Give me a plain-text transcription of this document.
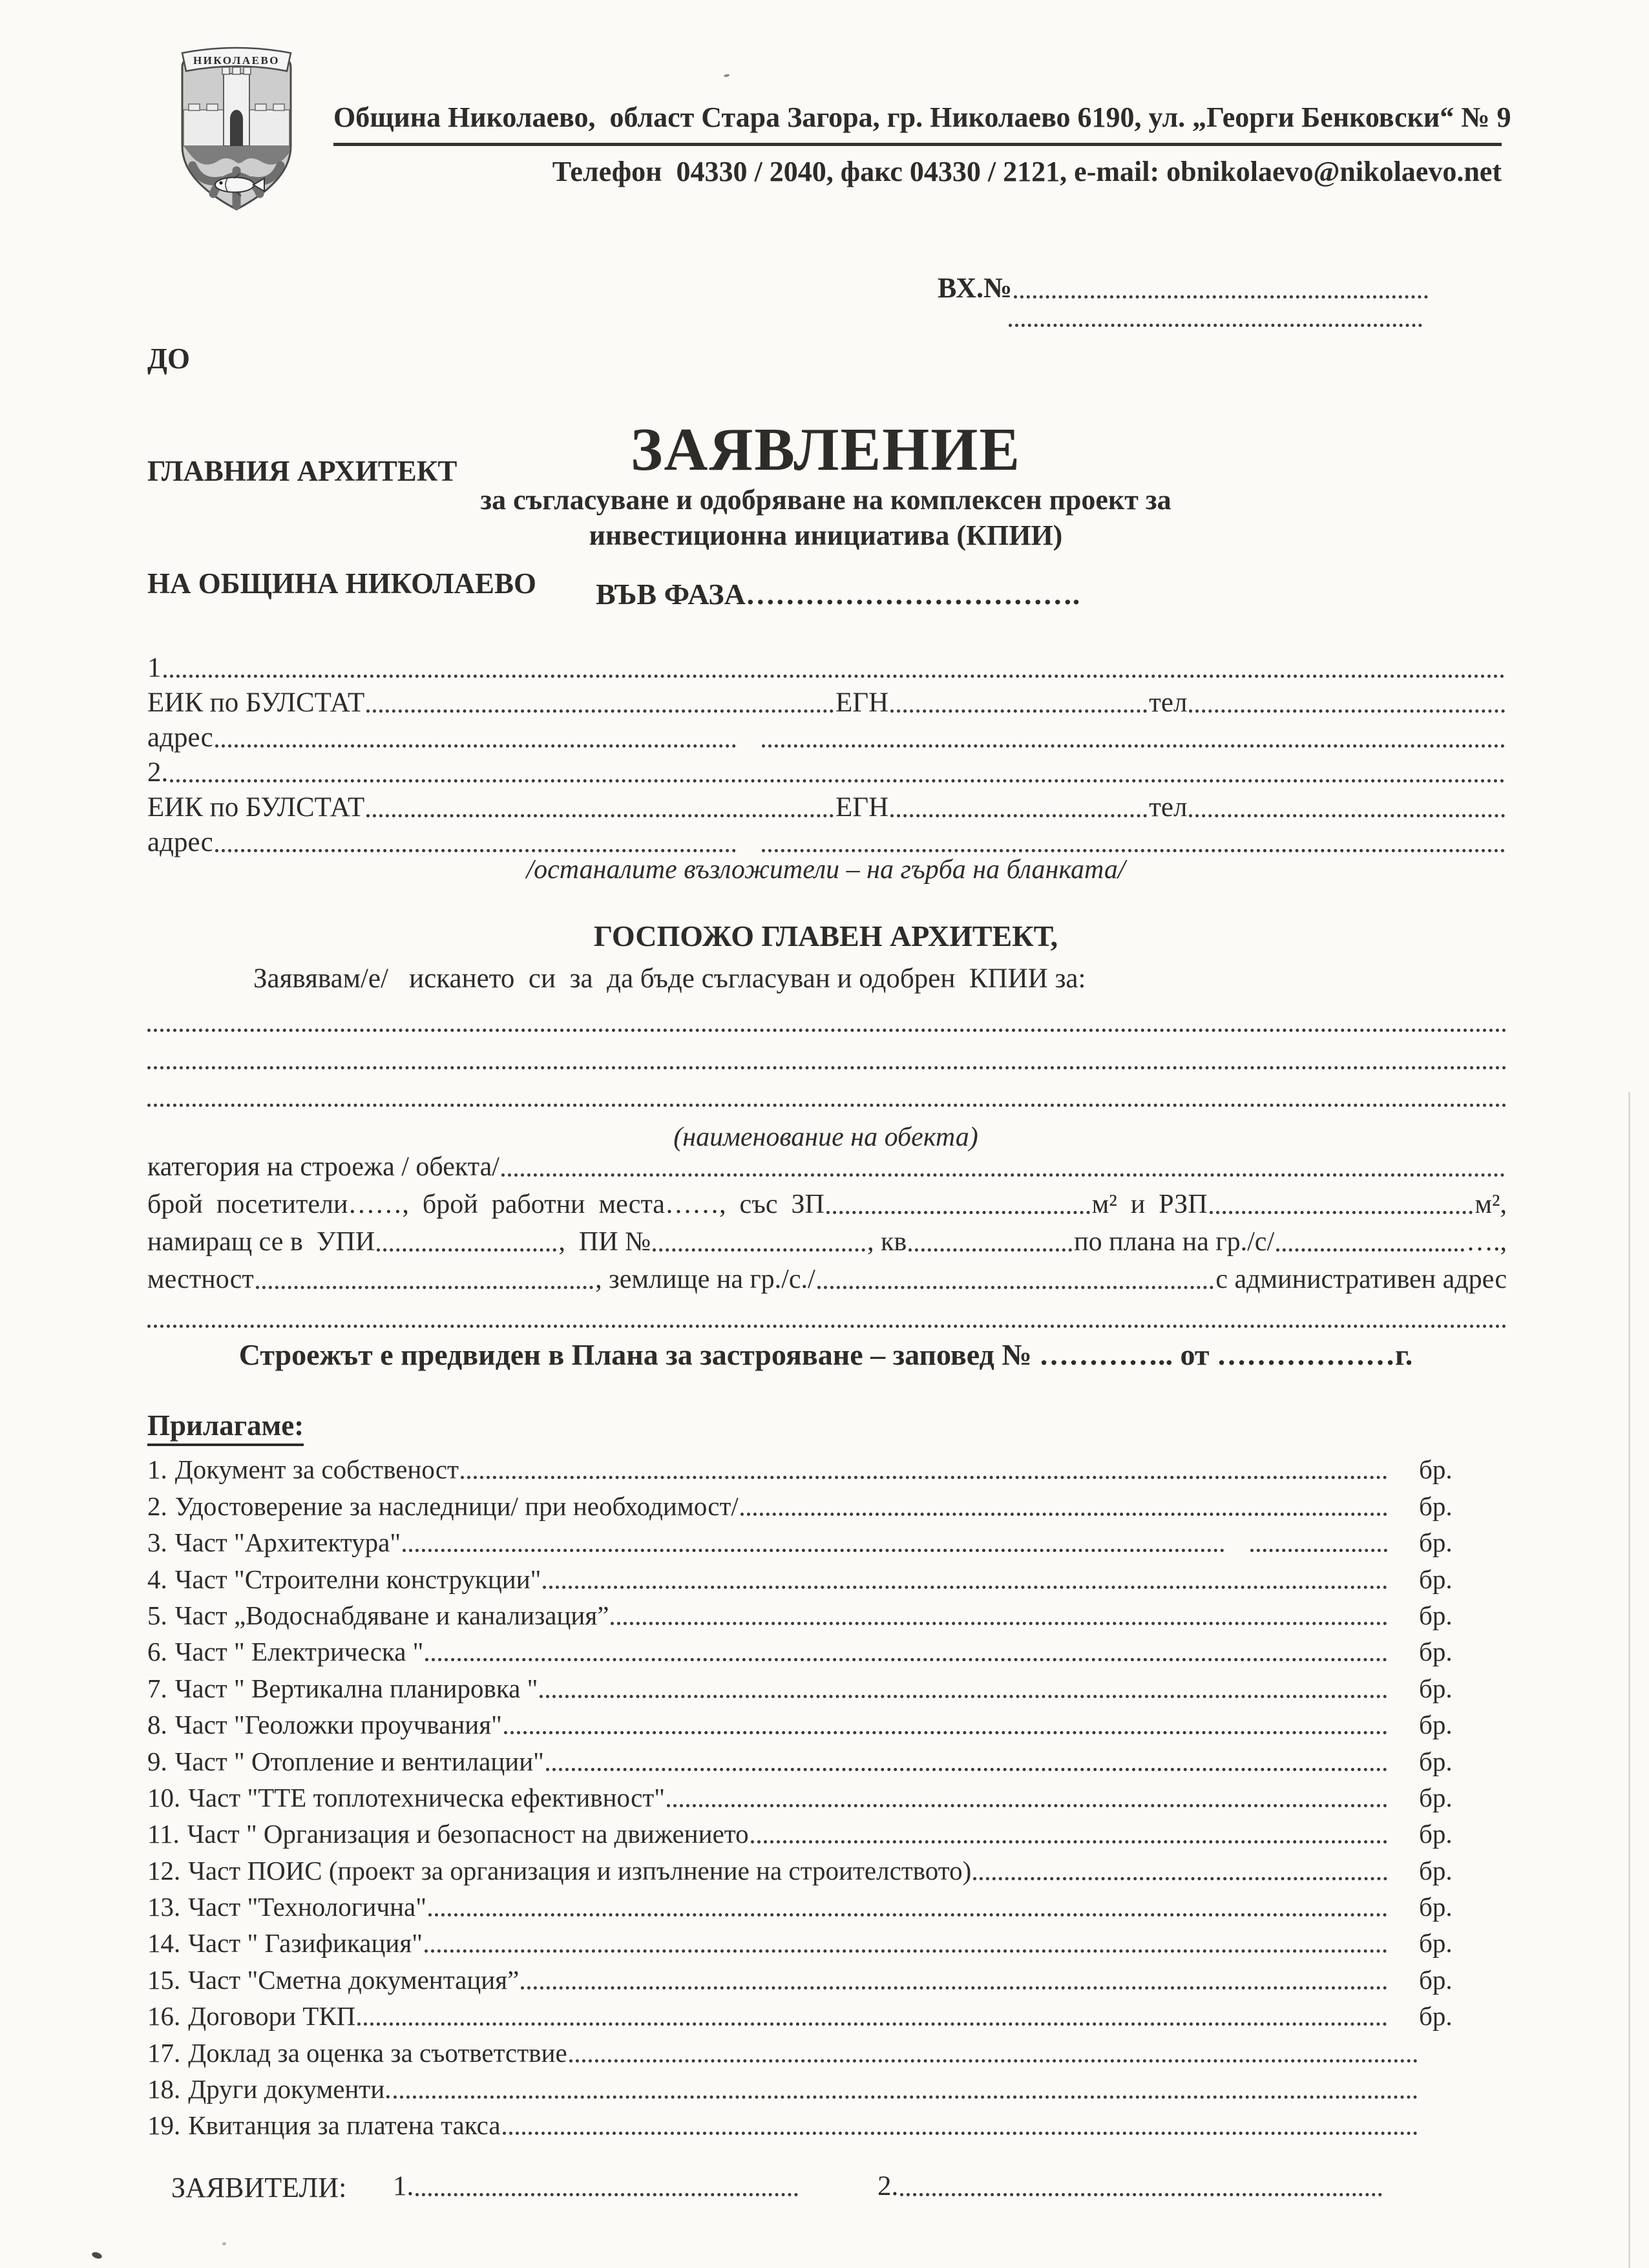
НИКОЛАЕВО
Община Николаево,  област Стара Загора, гр. Николаево 6190, ул. „Георги Бенковски“ № 9
Телефон  04330 / 2040, факс 04330 / 2121, e-mail: obnikolaevo@nikolaevo.net

ДО

ГЛАВНИЯ АРХИТЕКТ

НА ОБЩИНА НИКОЛАЕВО

ВХ.№
ЗАЯВЛЕНИЕ
за съгласуване и одобряване на комплексен проект за
инвестиционна инициатива (КПИИ)
ВЪВ ФАЗА…………………………….
1
ЕИК по БУЛСТАТ	ЕГН	тел
адрес
2.
ЕИК по БУЛСТАТ	ЕГН	тел
адрес
/останалите възложители – на гърба на бланката/
ГОСПОЖО ГЛАВЕН АРХИТЕКТ,
Заявявам/е/   искането  си  за  да бъде съгласуван и одобрен  КПИИ за:
(наименование на обекта)
категория на строежа / обекта/
брой  посетители……,  брой  работни  места……,  със  ЗП	м²  и  РЗП	м²,
намиращ се в  УПИ	,  ПИ №	, кв	по плана на гр./с/	….,
местност	, землище на гр./с./	с административен адрес
Строежът е предвиден в Плана за застрояване – заповед № ………….. от ………………г.
Прилагаме:
1. Документ за собственост	бр.
2. Удостоверение за наследници/ при необходимост/	бр.
3. Част "Архитектура"	бр.
4. Част "Строителни конструкции"	бр.
5. Част „Водоснабдяване и канализация”	бр.
6. Част " Електрическа "	бр.
7. Част " Вертикална планировка "	бр.
8. Част "Геоложки проучвания"	бр.
9. Част " Отопление и вентилации"	бр.
10. Част "ТТЕ топлотехническа ефективност"	бр.
11. Част " Организация и безопасност на движението	бр.
12. Част ПОИС (проект за организация и изпълнение на строителството)	бр.
13. Част "Технологична"	бр.
14. Част " Газификация"	бр.
15. Част "Сметна документация”	бр.
16. Договори ТКП	бр.
17. Доклад за оценка за съответствие
18. Други документи.
19. Квитанция за платена такса
ЗАЯВИТЕЛИ: 1.	2.
